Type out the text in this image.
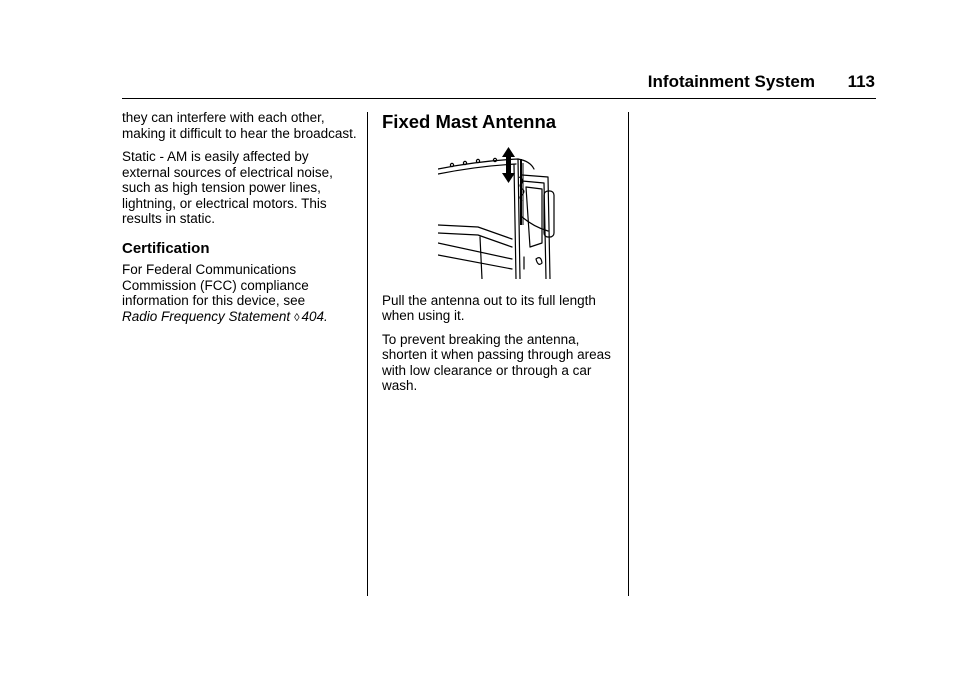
Infotainment System	113

they can interfere with each other, making it difficult to hear the broadcast.

Static - AM is easily affected by external sources of electrical noise, such as high tension power lines, lightning, or electrical motors. This results in static.

Certification

For Federal Communications Commission (FCC) compliance information for this device, see
Radio Frequency Statement ◊ 404.

Fixed Mast Antenna

Pull the antenna out to its full length when using it.

To prevent breaking the antenna, shorten it when passing through areas with low clearance or through a car wash.
